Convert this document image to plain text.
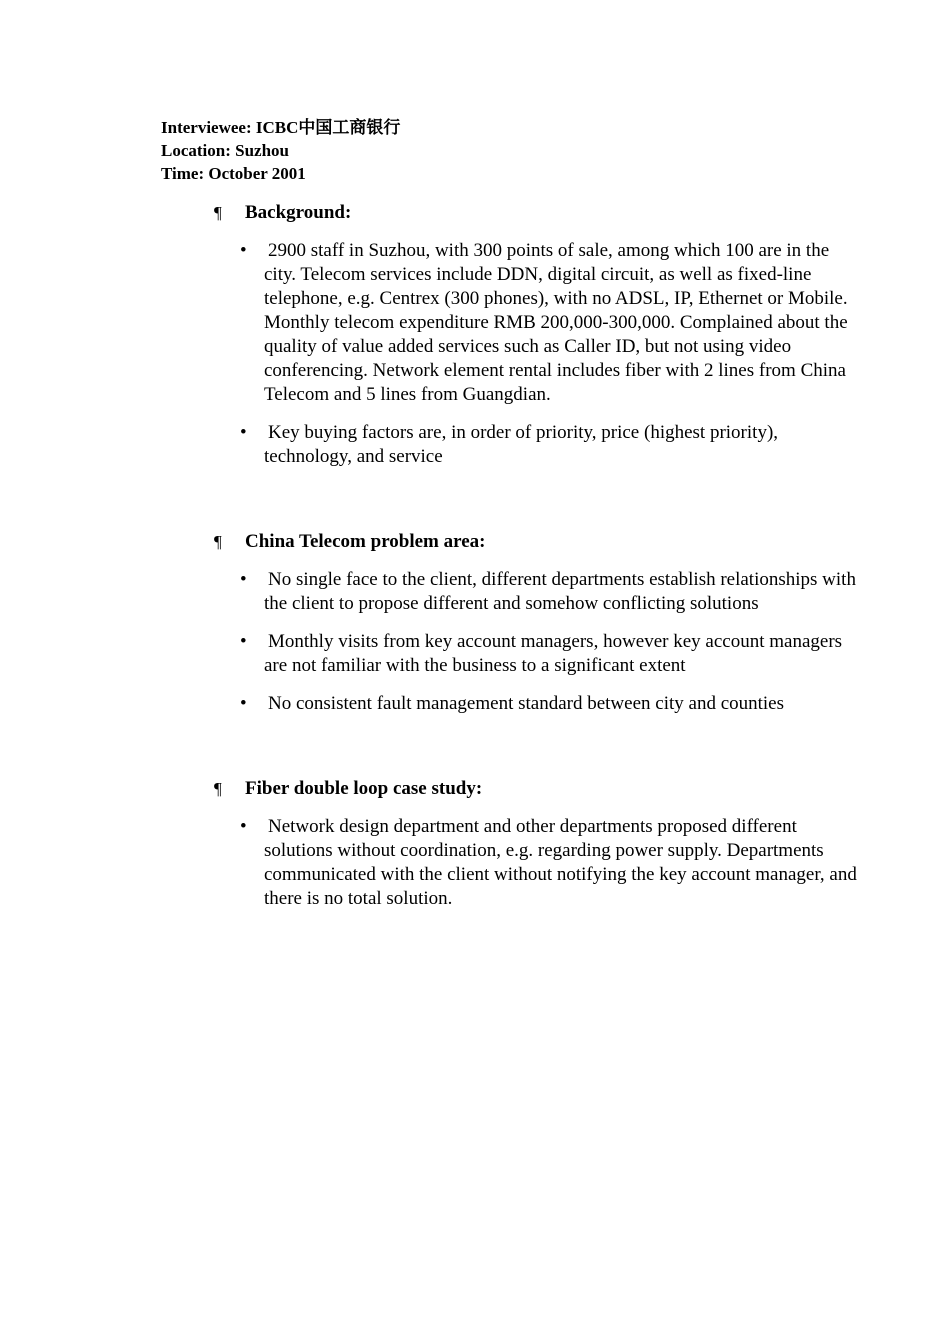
Interviewee: ICBC中国工商银行
Location: Suzhou
Time: October 2001
¶	Background:
• 2900 staff in Suzhou, with 300 points of sale, among which 100 are in the city. Telecom services include DDN, digital circuit, as well as fixed-line telephone, e.g. Centrex (300 phones), with no ADSL, IP, Ethernet or Mobile. Monthly telecom expenditure RMB 200,000-300,000. Complained about the quality of value added services such as Caller ID, but not using video conferencing. Network element rental includes fiber with 2 lines from China Telecom and 5 lines from Guangdian.
• Key buying factors are, in order of priority, price (highest priority), technology, and service
¶	China Telecom problem area:
• No single face to the client, different departments establish relationships with the client to propose different and somehow conflicting solutions
• Monthly visits from key account managers, however key account managers are not familiar with the business to a significant extent
• No consistent fault management standard between city and counties
¶	Fiber double loop case study:
• Network design department and other departments proposed different solutions without coordination, e.g. regarding power supply. Departments communicated with the client without notifying the key account manager, and there is no total solution.
